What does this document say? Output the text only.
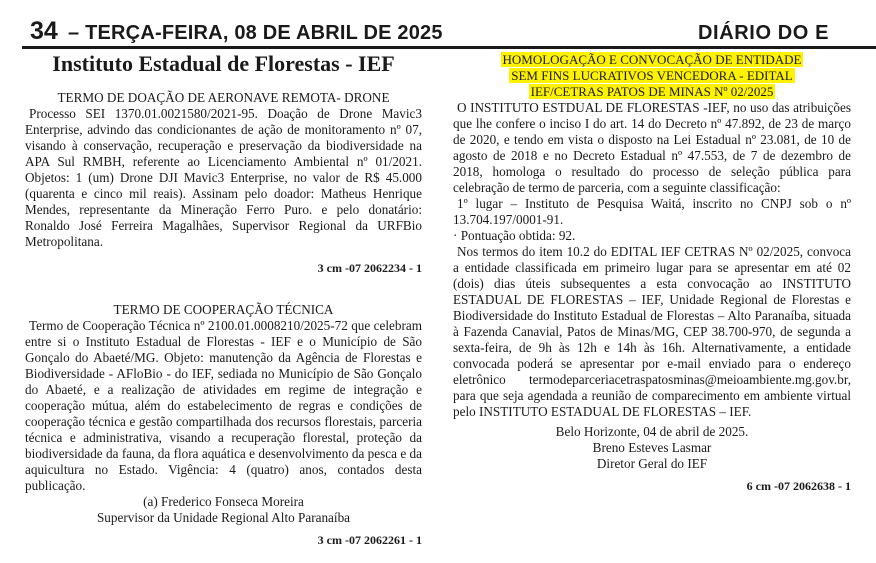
34 – TERÇA-FEIRA, 08 DE ABRIL DE 2025	DIÁRIO DO E
Instituto Estadual de Florestas - IEF

TERMO DE DOAÇÃO DE AERONAVE REMOTA- DRONE

Processo SEI 1370.01.0021580/2021-95. Doação de Drone Mavic3 Enterprise, advindo das condicionantes de ação de monitoramento nº 07, visando à conservação, recuperação e preservação da biodiversidade na APA Sul RMBH, referente ao Licenciamento Ambiental nº 01/2021. Objetos: 1 (um) Drone DJI Mavic3 Enterprise, no valor de R$ 45.000 (quarenta e cinco mil reais). Assinam pelo doador: Matheus Henrique Mendes, representante da Mineração Ferro Puro. e pelo donatário: Ronaldo José Ferreira Magalhães, Supervisor Regional da URFBio Metropolitana.

3 cm -07 2062234 - 1

TERMO DE COOPERAÇÃO TÉCNICA

Termo de Cooperação Técnica nº 2100.01.0008210/2025-72 que celebram entre si o Instituto Estadual de Florestas - IEF e o Município de São Gonçalo do Abaeté/MG. Objeto: manutenção da Agência de Florestas e Biodiversidade - AFloBio - do IEF, sediada no Município de São Gonçalo do Abaeté, e a realização de atividades em regime de integração e cooperação mútua, além do estabelecimento de regras e condições de cooperação técnica e gestão compartilhada dos recursos florestais, parceria técnica e administrativa, visando a recuperação florestal, proteção da biodiversidade da fauna, da flora aquática e desenvolvimento da pesca e da aquicultura no Estado. Vigência: 4 (quatro) anos, contados desta publicação.

(a) Frederico Fonseca Moreira

Supervisor da Unidade Regional Alto Paranaíba

3 cm -07 2062261 - 1

HOMOLOGAÇÃO E CONVOCAÇÃO DE ENTIDADE

SEM FINS LUCRATIVOS VENCEDORA - EDITAL

IEF/CETRAS PATOS DE MINAS Nº 02/2025

O INSTITUTO ESTDUAL DE FLORESTAS -IEF, no uso das atribuições que lhe confere o inciso I do art. 14 do Decreto nº 47.892, de 23 de março de 2020, e tendo em vista o disposto na Lei Estadual nº 23.081, de 10 de agosto de 2018 e no Decreto Estadual nº 47.553, de 7 de dezembro de 2018, homologa o resultado do processo de seleção pública para celebração de termo de parceria, com a seguinte classificação:

1º lugar – Instituto de Pesquisa Waitá, inscrito no CNPJ sob o nº 13.704.197/0001-91.

· Pontuação obtida: 92.

Nos termos do item 10.2 do EDITAL IEF CETRAS Nº 02/2025, convoca a entidade classificada em primeiro lugar para se apresentar em até 02 (dois) dias úteis subsequentes a esta convocação ao INSTITUTO ESTADUAL DE FLORESTAS – IEF, Unidade Regional de Florestas e Biodiversidade do Instituto Estadual de Florestas – Alto Paranaíba, situada à Fazenda Canavial, Patos de Minas/MG, CEP 38.700-970, de segunda a sexta-feira, de 9h às 12h e 14h às 16h. Alternativamente, a entidade convocada poderá se apresentar por e-mail enviado para o endereço eletrônico termodeparceriacetraspatosminas@meioambiente.mg.gov.br, para que seja agendada a reunião de comparecimento em ambiente virtual pelo INSTITUTO ESTADUAL DE FLORESTAS – IEF.

Belo Horizonte, 04 de abril de 2025.

Breno Esteves Lasmar

Diretor Geral do IEF

6 cm -07 2062638 - 1
